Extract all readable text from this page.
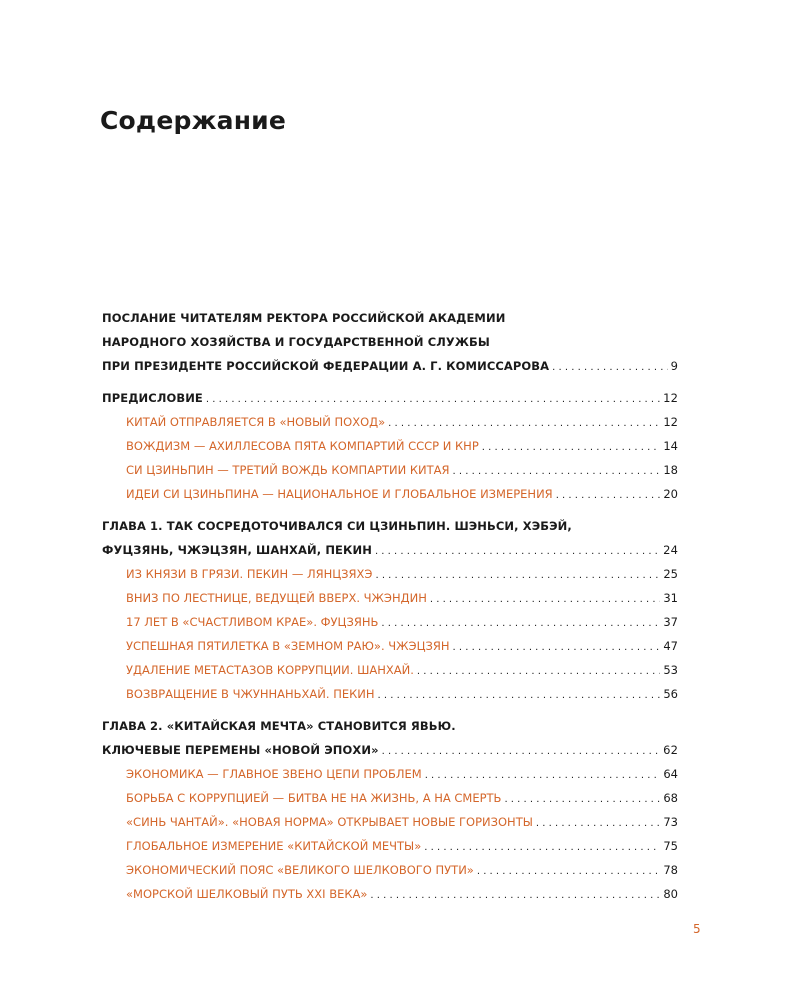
Содержание
ПОСЛАНИЕ ЧИТАТЕЛЯМ РЕКТОРА РОССИЙСКОЙ АКАДЕМИИ
НАРОДНОГО ХОЗЯЙСТВА И ГОСУДАРСТВЕННОЙ СЛУЖБЫ
ПРИ ПРЕЗИДЕНТЕ РОССИЙСКОЙ ФЕДЕРАЦИИ А. Г. КОМИССАРОВА . . .	9
ПРЕДИСЛОВИЕ . . .	12
КИТАЙ ОТПРАВЛЯЕТСЯ В «НОВЫЙ ПОХОД» . . .	12
ВОЖДИЗМ — АХИЛЛЕСОВА ПЯТА КОМПАРТИЙ СССР И КНР . . .	14
СИ ЦЗИНЬПИН — ТРЕТИЙ ВОЖДЬ КОМПАРТИИ КИТАЯ . . .	18
ИДЕИ СИ ЦЗИНЬПИНА — НАЦИОНАЛЬНОЕ И ГЛОБАЛЬНОЕ ИЗМЕРЕНИЯ . . .	20
ГЛАВА 1. ТАК СОСРЕДОТОЧИВАЛСЯ СИ ЦЗИНЬПИН. ШЭНЬСИ, ХЭБЭЙ,
ФУЦЗЯНЬ, ЧЖЭЦЗЯН, ШАНХАЙ, ПЕКИН . . .	24
ИЗ КНЯЗИ В ГРЯЗИ. ПЕКИН — ЛЯНЦЗЯХЭ . . .	25
ВНИЗ ПО ЛЕСТНИЦЕ, ВЕДУЩЕЙ ВВЕРХ. ЧЖЭНДИН . . .	31
17 ЛЕТ В «СЧАСТЛИВОМ КРАЕ». ФУЦЗЯНЬ . . .	37
УСПЕШНАЯ ПЯТИЛЕТКА В «ЗЕМНОМ РАЮ». ЧЖЭЦЗЯН . . .	47
УДАЛЕНИЕ МЕТАСТАЗОВ КОРРУПЦИИ. ШАНХАЙ. . . .	53
ВОЗВРАЩЕНИЕ В ЧЖУННАНЬХАЙ. ПЕКИН . . .	56
ГЛАВА 2. «КИТАЙСКАЯ МЕЧТА» СТАНОВИТСЯ ЯВЬЮ.
КЛЮЧЕВЫЕ ПЕРЕМЕНЫ «НОВОЙ ЭПОХИ» . . .	62
ЭКОНОМИКА — ГЛАВНОЕ ЗВЕНО ЦЕПИ ПРОБЛЕМ . . .	64
БОРЬБА С КОРРУПЦИЕЙ — БИТВА НЕ НА ЖИЗНЬ, А НА СМЕРТЬ . . .	68
«СИНЬ ЧАНТАЙ». «НОВАЯ НОРМА» ОТКРЫВАЕТ НОВЫЕ ГОРИЗОНТЫ . . .	73
ГЛОБАЛЬНОЕ ИЗМЕРЕНИЕ «КИТАЙСКОЙ МЕЧТЫ» . . .	75
ЭКОНОМИЧЕСКИЙ ПОЯС «ВЕЛИКОГО ШЕЛКОВОГО ПУТИ» . . .	78
«МОРСКОЙ ШЕЛКОВЫЙ ПУТЬ XXI ВЕКА» . . .	80
5
